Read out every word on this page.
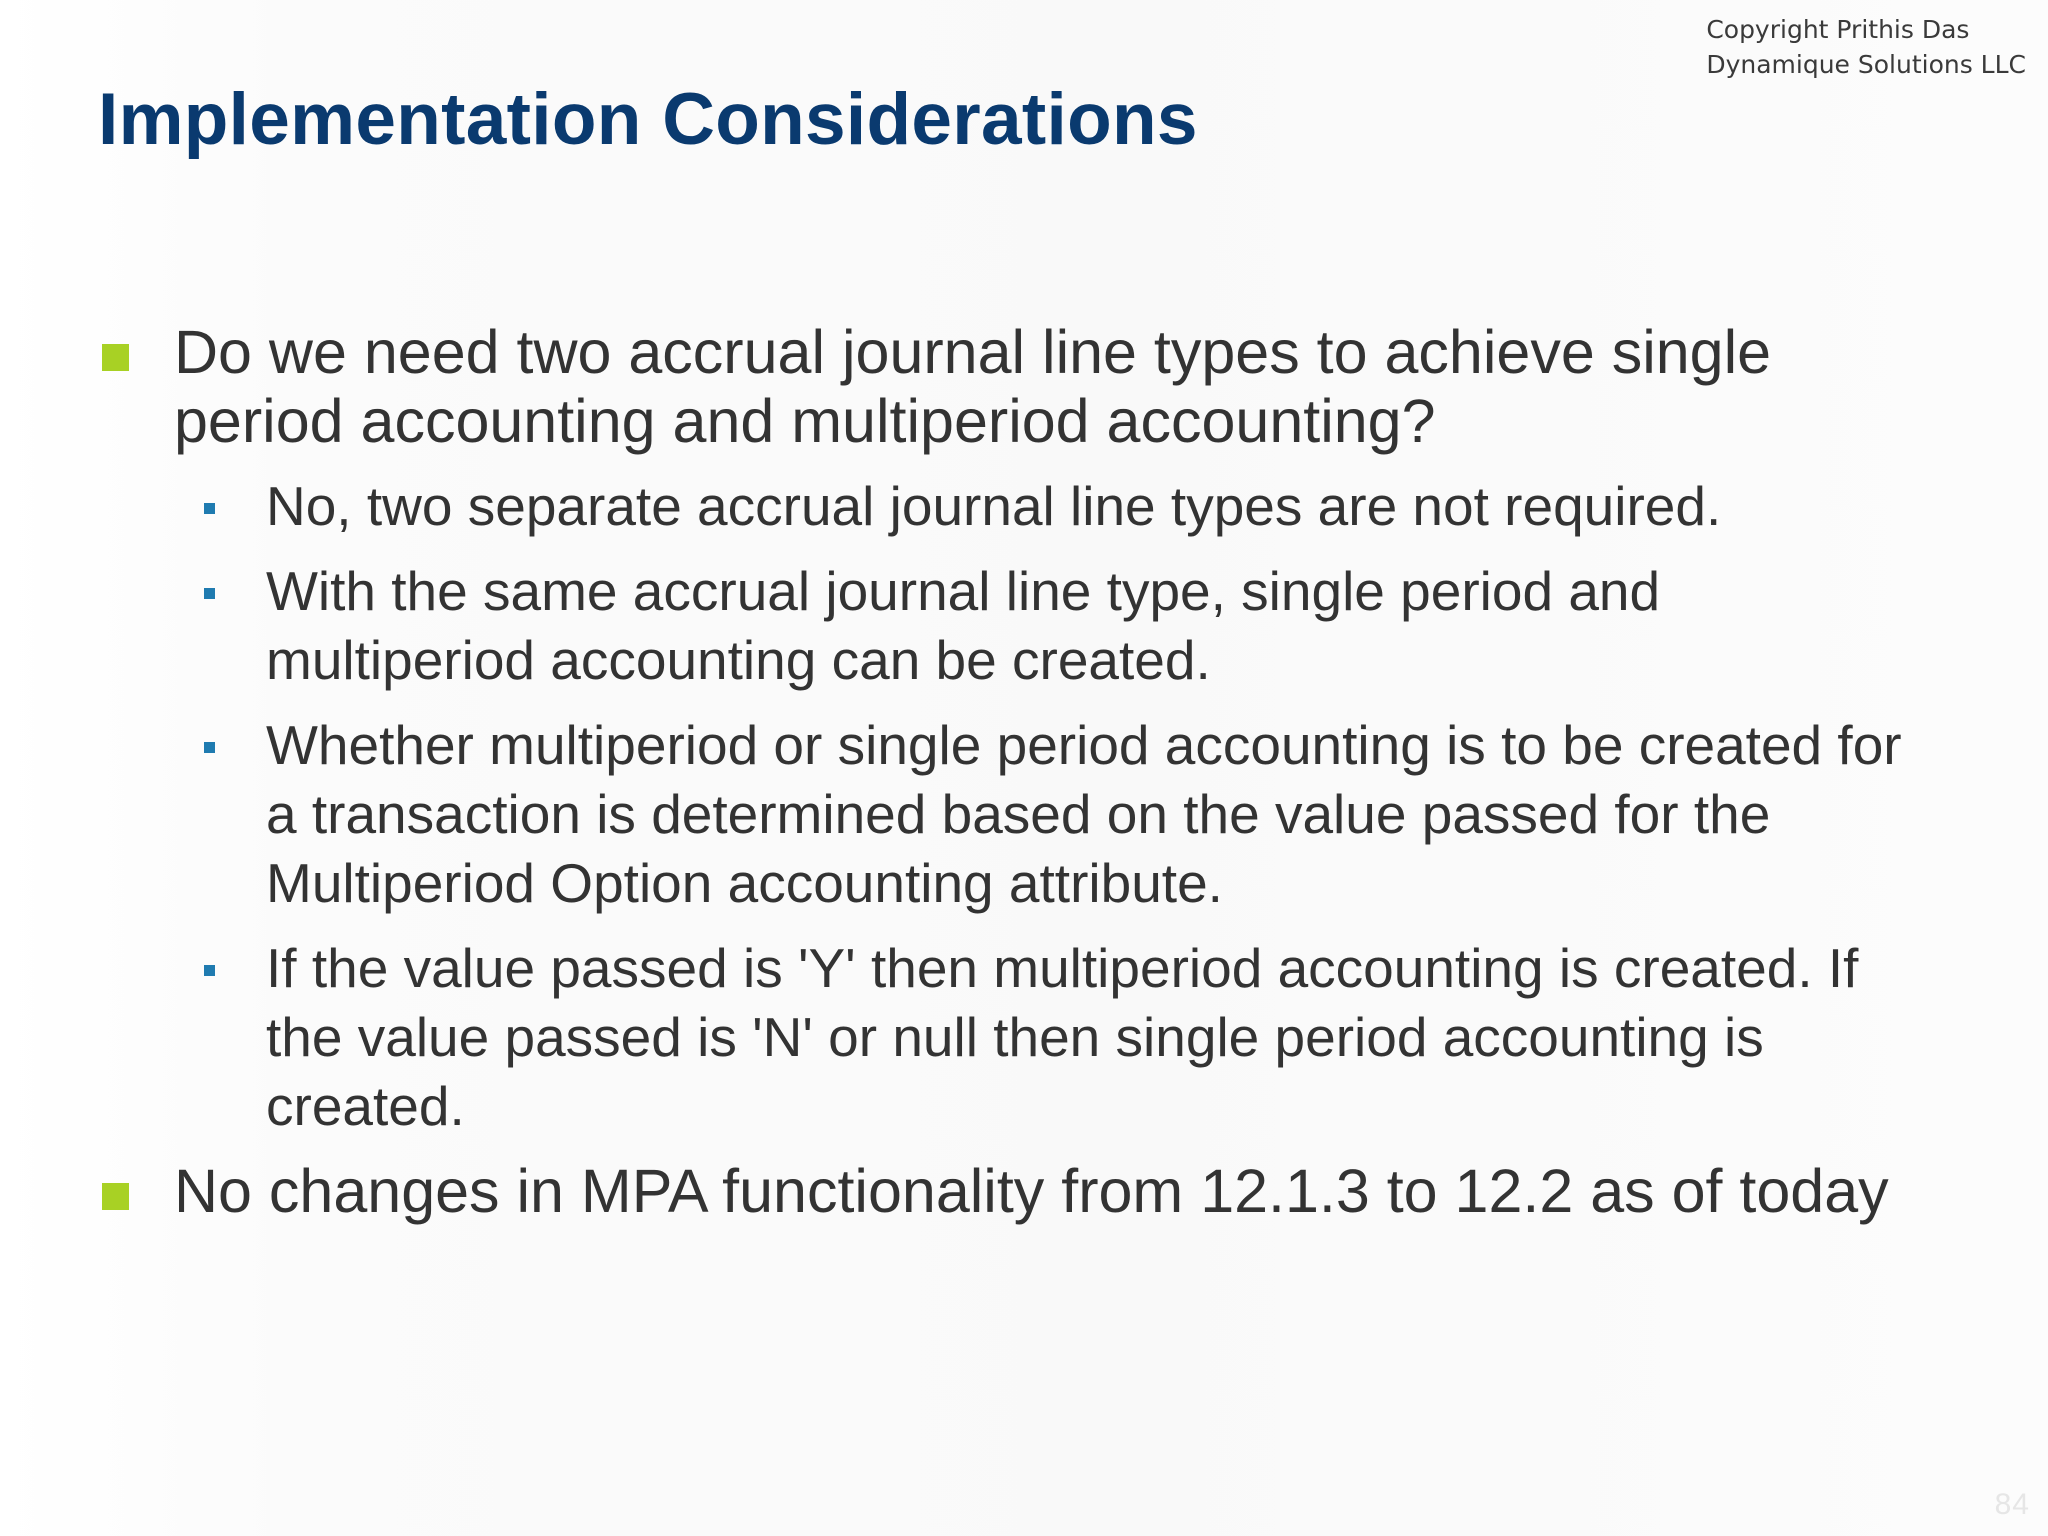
Copyright Prithis Das
Dynamique Solutions LLC
Implementation Considerations
Do we need two accrual journal line types to achieve single period accounting and multiperiod accounting?
No, two separate accrual journal line types are not required.
With the same accrual journal line type, single period and multiperiod accounting can be created.
Whether multiperiod or single period accounting is to be created for a transaction is determined based on the value passed for the Multiperiod Option accounting attribute.
If the value passed is 'Y' then multiperiod accounting is created. If the value passed is 'N' or null then single period accounting is created.
No changes in MPA functionality from 12.1.3 to 12.2 as of today
84
